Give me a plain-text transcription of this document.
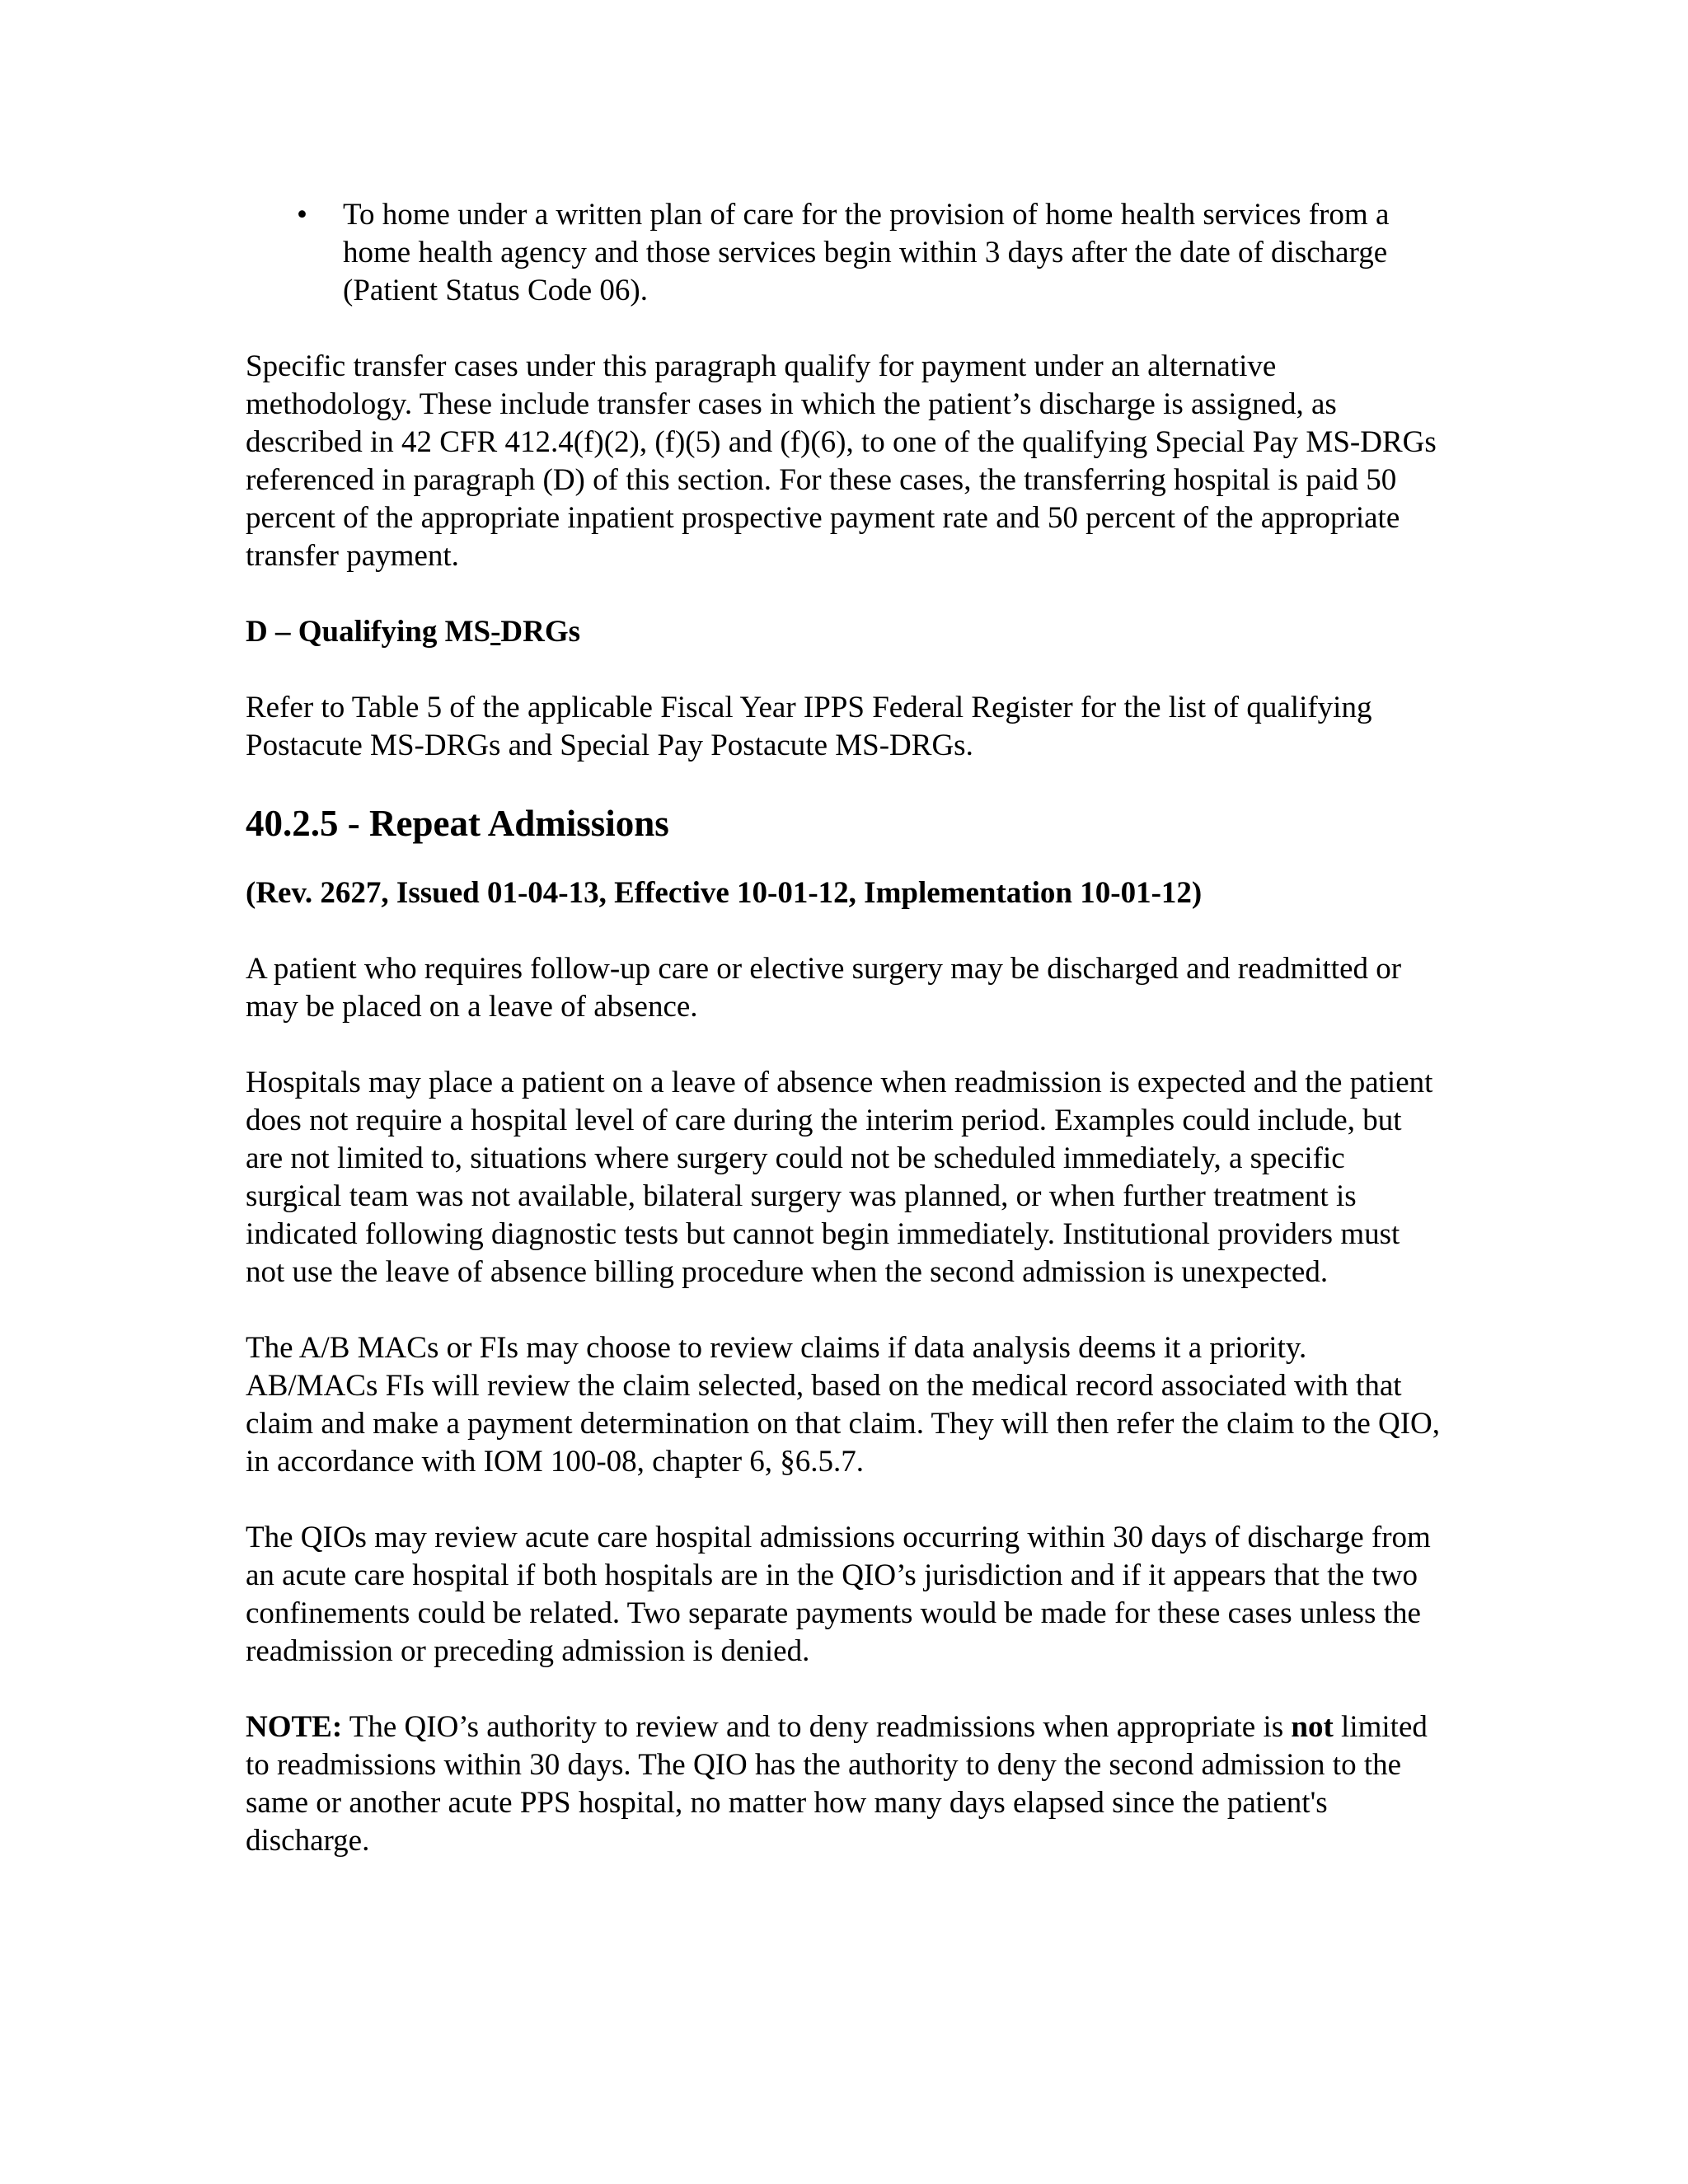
• To home under a written plan of care for the provision of home health services from a home health agency and those services begin within 3 days after the date of discharge (Patient Status Code 06).

Specific transfer cases under this paragraph qualify for payment under an alternative methodology. These include transfer cases in which the patient’s discharge is assigned, as described in 42 CFR 412.4(f)(2), (f)(5) and (f)(6), to one of the qualifying Special Pay MS-DRGs referenced in paragraph (D) of this section. For these cases, the transferring hospital is paid 50 percent of the appropriate inpatient prospective payment rate and 50 percent of the appropriate transfer payment.

D – Qualifying MS-DRGs

Refer to Table 5 of the applicable Fiscal Year IPPS Federal Register for the list of qualifying Postacute MS-DRGs and Special Pay Postacute MS-DRGs.

40.2.5 - Repeat Admissions

(Rev. 2627, Issued 01-04-13, Effective 10-01-12, Implementation 10-01-12)

A patient who requires follow-up care or elective surgery may be discharged and readmitted or may be placed on a leave of absence.

Hospitals may place a patient on a leave of absence when readmission is expected and the patient does not require a hospital level of care during the interim period. Examples could include, but are not limited to, situations where surgery could not be scheduled immediately, a specific surgical team was not available, bilateral surgery was planned, or when further treatment is indicated following diagnostic tests but cannot begin immediately. Institutional providers must not use the leave of absence billing procedure when the second admission is unexpected.

The A/B MACs or FIs may choose to review claims if data analysis deems it a priority. AB/MACs FIs will review the claim selected, based on the medical record associated with that claim and make a payment determination on that claim. They will then refer the claim to the QIO, in accordance with IOM 100-08, chapter 6, §6.5.7.

The QIOs may review acute care hospital admissions occurring within 30 days of discharge from an acute care hospital if both hospitals are in the QIO’s jurisdiction and if it appears that the two confinements could be related. Two separate payments would be made for these cases unless the readmission or preceding admission is denied.

NOTE: The QIO’s authority to review and to deny readmissions when appropriate is not limited to readmissions within 30 days. The QIO has the authority to deny the second admission to the same or another acute PPS hospital, no matter how many days elapsed since the patient's discharge.
